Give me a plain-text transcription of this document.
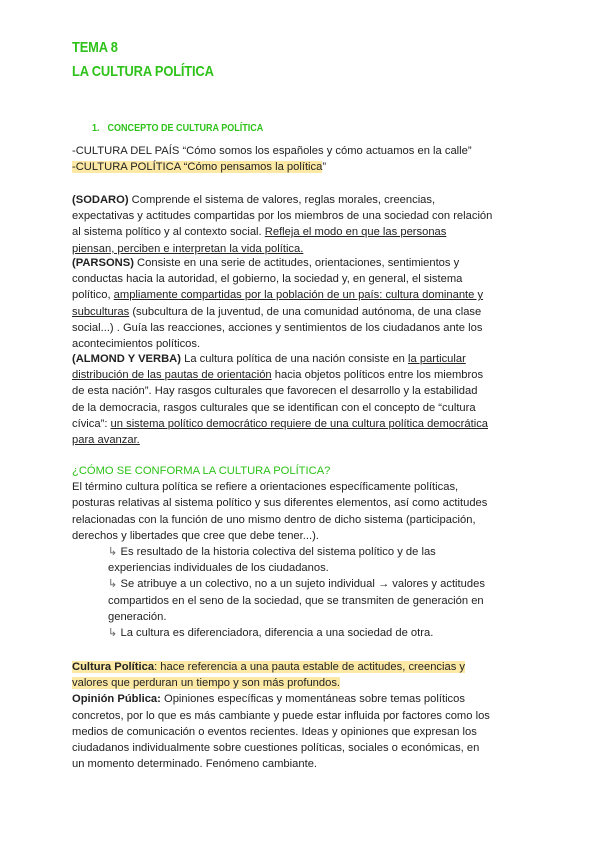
TEMA 8
LA CULTURA POLÍTICA
1. CONCEPTO DE CULTURA POLÍTICA
-CULTURA DEL PAÍS “Cómo somos los españoles y cómo actuamos en la calle”
-CULTURA POLÍTICA “Cómo pensamos la política”
(SODARO) Comprende el sistema de valores, reglas morales, creencias,
expectativas y actitudes compartidas por los miembros de una sociedad con relación
al sistema político y al contexto social. Refleja el modo en que las personas
piensan, perciben e interpretan la vida política.
(PARSONS) Consiste en una serie de actitudes, orientaciones, sentimientos y
conductas hacia la autoridad, el gobierno, la sociedad y, en general, el sistema
político, ampliamente compartidas por la población de un país: cultura dominante y
subculturas (subcultura de la juventud, de una comunidad autónoma, de una clase
social...) . Guía las reacciones, acciones y sentimientos de los ciudadanos ante los
acontecimientos políticos.
(ALMOND Y VERBA) La cultura política de una nación consiste en la particular
distribución de las pautas de orientación hacia objetos políticos entre los miembros
de esta nación”. Hay rasgos culturales que favorecen el desarrollo y la estabilidad
de la democracia, rasgos culturales que se identifican con el concepto de “cultura
cívica”: un sistema político democrático requiere de una cultura política democrática
para avanzar.
¿CÓMO SE CONFORMA LA CULTURA POLÍTICA?
El término cultura política se refiere a orientaciones específicamente políticas,
posturas relativas al sistema político y sus diferentes elementos, así como actitudes
relacionadas con la función de uno mismo dentro de dicho sistema (participación,
derechos y libertades que cree que debe tener...).
↳ Es resultado de la historia colectiva del sistema político y de las
experiencias individuales de los ciudadanos.
↳ Se atribuye a un colectivo, no a un sujeto individual → valores y actitudes
compartidos en el seno de la sociedad, que se transmiten de generación en
generación.
↳ La cultura es diferenciadora, diferencia a una sociedad de otra.
Cultura Política: hace referencia a una pauta estable de actitudes, creencias y
valores que perduran un tiempo y son más profundos.
Opinión Pública: Opiniones específicas y momentáneas sobre temas políticos
concretos, por lo que es más cambiante y puede estar influida por factores como los
medios de comunicación o eventos recientes. Ideas y opiniones que expresan los
ciudadanos individualmente sobre cuestiones políticas, sociales o económicas, en
un momento determinado. Fenómeno cambiante.
